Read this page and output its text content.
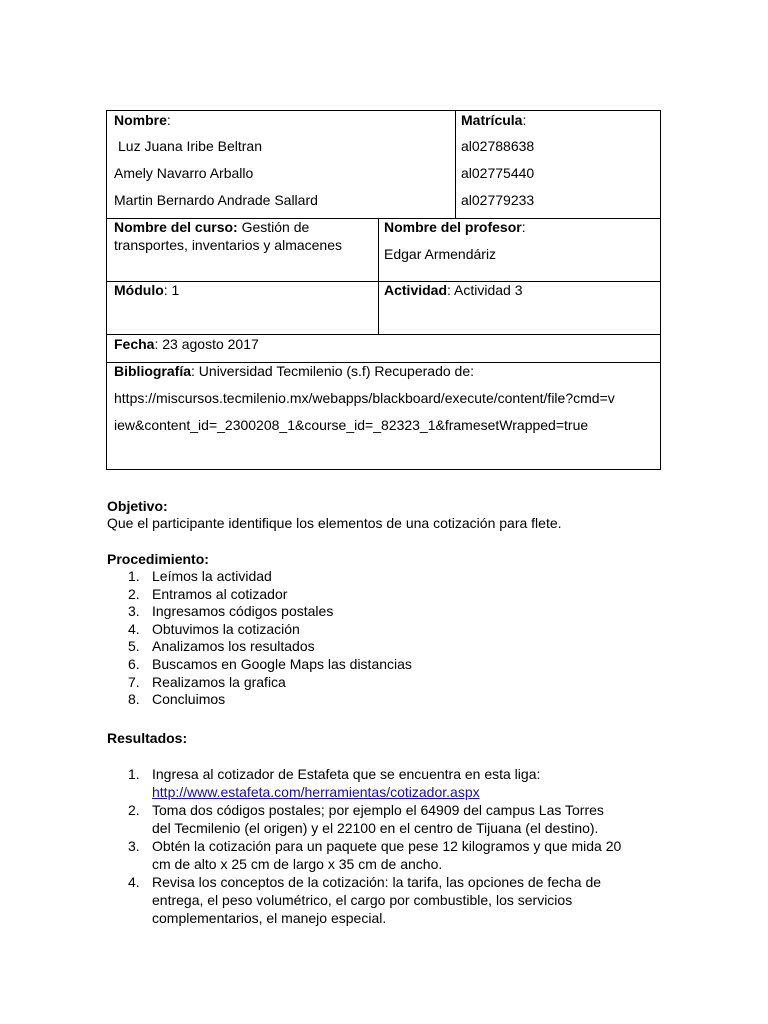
Nombre:
Luz Juana Iribe Beltran
Amely Navarro Arballo
Martin Bernardo Andrade Sallard
Matrícula:
al02788638
al02775440
al02779233
Nombre del curso: Gestión de
transportes, inventarios y almacenes
Nombre del profesor:
Edgar Armendáriz
Módulo: 1	Actividad: Actividad 3
Fecha: 23 agosto 2017
Bibliografía: Universidad Tecmilenio (s.f) Recuperado de:
https://miscursos.tecmilenio.mx/webapps/blackboard/execute/content/file?cmd=v
iew&content_id=_2300208_1&course_id=_82323_1&framesetWrapped=true
Objetivo:
Que el participante identifique los elementos de una cotización para flete.
Procedimiento:
1. Leímos la actividad
2. Entramos al cotizador
3. Ingresamos códigos postales
4. Obtuvimos la cotización
5. Analizamos los resultados
6. Buscamos en Google Maps las distancias
7. Realizamos la grafica
8. Concluimos
Resultados:
1. Ingresa al cotizador de Estafeta que se encuentra en esta liga:
http://www.estafeta.com/herramientas/cotizador.aspx
2. Toma dos códigos postales; por ejemplo el 64909 del campus Las Torres
del Tecmilenio (el origen) y el 22100 en el centro de Tijuana (el destino).
3. Obtén la cotización para un paquete que pese 12 kilogramos y que mida 20
cm de alto x 25 cm de largo x 35 cm de ancho.
4. Revisa los conceptos de la cotización: la tarifa, las opciones de fecha de
entrega, el peso volumétrico, el cargo por combustible, los servicios
complementarios, el manejo especial.
